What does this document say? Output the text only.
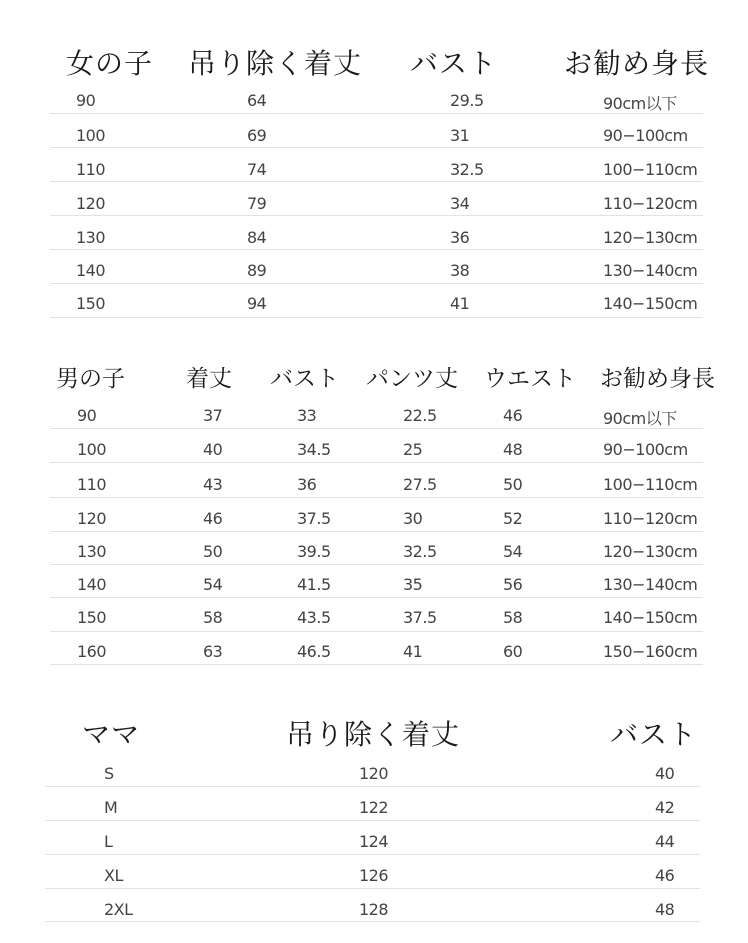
女の子 吊り除く着丈 バスト お勧め身長
90	64	29.5	90cm以下
100	69	31	90−100cm
110	74	32.5	100−110cm
120	79	34	110−120cm
130	84	36	120−130cm
140	89	38	130−140cm
150	94	41	140−150cm
男の子	着丈 バスト パンツ丈 ウエスト お勧め身長
90	37	33	22.5	46	90cm以下
100	40	34.5	25	48	90−100cm
110	43	36	27.5	50	100−110cm
120	46	37.5	30	52	110−120cm
130	50	39.5	32.5	54	120−130cm
140	54	41.5	35	56	130−140cm
150	58	43.5	37.5	58	140−150cm
160	63	46.5	41	60	150−160cm
ママ	吊り除く着丈	バスト
S	120	40
M	122	42
L	124	44
XL	126	46
2XL	128	48
